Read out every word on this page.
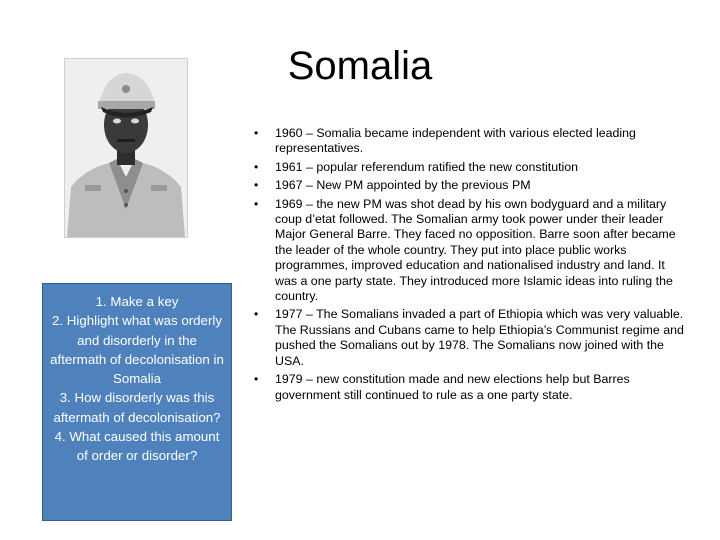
Somalia
1. Make a key
2. Highlight what was orderly and disorderly in the aftermath of decolonisation in Somalia
3. How disorderly was this aftermath of decolonisation?
4. What caused this amount of order or disorder?
• 1960 – Somalia became independent with various elected leading representatives.
• 1961 – popular referendum ratified the new constitution
• 1967 – New PM appointed by the previous PM
• 1969 – the new PM was shot dead by his own bodyguard and a military coup d’etat followed. The Somalian army took power under their leader Major General Barre. They faced no opposition. Barre soon after became the leader of the whole country. They put into place public works programmes, improved education and nationalised industry and land. It was a one party state. They introduced more Islamic ideas into ruling the country.
• 1977 – The Somalians invaded a part of Ethiopia which was very valuable. The Russians and Cubans came to help Ethiopia’s Communist regime and pushed the Somalians out by 1978. The Somalians now joined with the USA.
• 1979 – new constitution made and new elections help but Barres government still continued to rule as a one party state.
